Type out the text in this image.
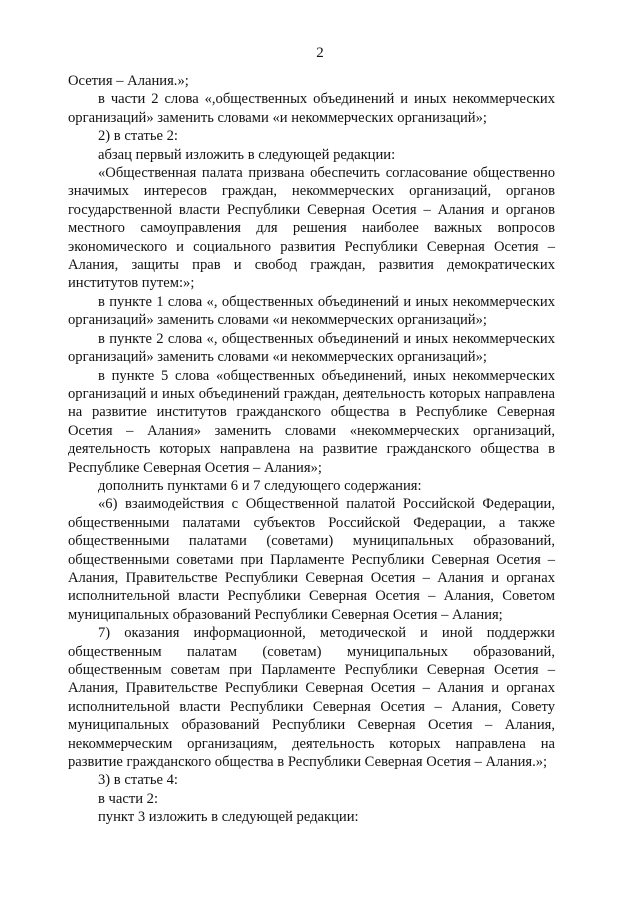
2

Осетия – Алания.»;

в части 2 слова «,общественных объединений и иных некоммерческих организаций» заменить словами «и некоммерческих организаций»;

2) в статье 2:

абзац первый изложить в следующей редакции:

«Общественная палата призвана обеспечить согласование общественно значимых интересов граждан, некоммерческих организаций, органов государственной власти Республики Северная Осетия – Алания и органов местного самоуправления для решения наиболее важных вопросов экономического и социального развития Республики Северная Осетия – Алания, защиты прав и свобод граждан, развития демократических институтов путем:»;

в пункте 1 слова «, общественных объединений и иных некоммерческих организаций» заменить словами «и некоммерческих организаций»;

в пункте 2 слова «, общественных объединений и иных некоммерческих организаций» заменить словами «и некоммерческих организаций»;

в пункте 5 слова «общественных объединений, иных некоммерческих организаций и иных объединений граждан, деятельность которых направлена на развитие институтов гражданского общества в Республике Северная Осетия – Алания» заменить словами «некоммерческих организаций, деятельность которых направлена на развитие гражданского общества в Республике Северная Осетия – Алания»;

дополнить пунктами 6 и 7 следующего содержания:

«6) взаимодействия с Общественной палатой Российской Федерации, общественными палатами субъектов Российской Федерации, а также общественными палатами (советами) муниципальных образований, общественными советами при Парламенте Республики Северная Осетия – Алания, Правительстве Республики Северная Осетия – Алания и органах исполнительной власти Республики Северная Осетия – Алания, Советом муниципальных образований Республики Северная Осетия – Алания;

7) оказания информационной, методической и иной поддержки общественным палатам (советам) муниципальных образований, общественным советам при Парламенте Республики Северная Осетия – Алания, Правительстве Республики Северная Осетия – Алания и органах исполнительной власти Республики Северная Осетия – Алания, Совету муниципальных образований Республики Северная Осетия – Алания, некоммерческим организациям, деятельность которых направлена на развитие гражданского общества в Республики Северная Осетия – Алания.»;

3) в статье 4:

в части 2:

пункт 3 изложить в следующей редакции:
